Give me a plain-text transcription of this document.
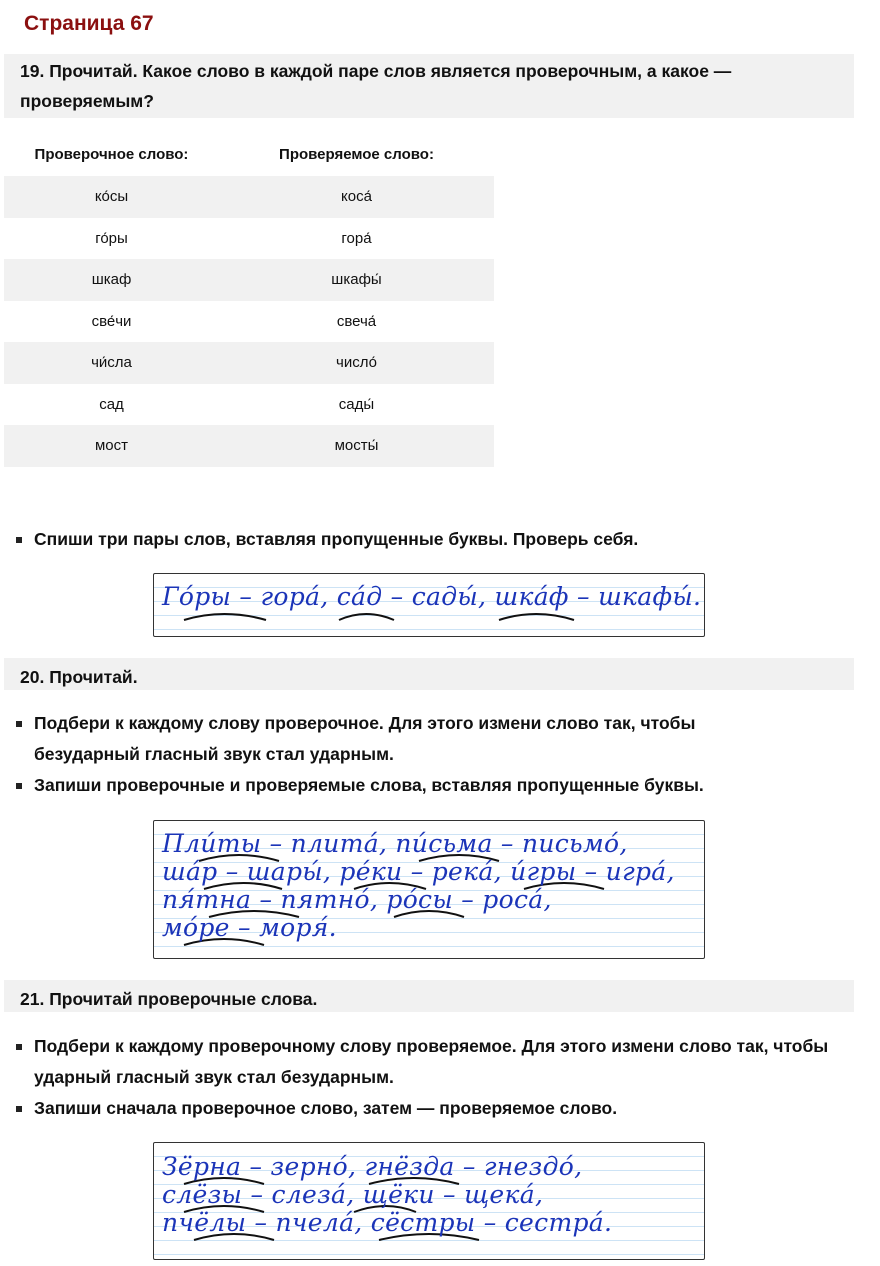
Страница 67
19. Прочитай. Какое слово в каждой паре слов является проверочным, а какое — проверяемым?
Проверочное слово:	Проверяемое слово:
ко́сы	коса́
го́ры	гора́
шкаф	шкафы́
све́чи	свеча́
чи́сла	число́
сад	сады́
мост	мосты́
Спиши три пары слов, вставляя пропущенные буквы. Проверь себя.
Го́ры – гора́, са́д – сады́, шка́ф – шкафы́.
20. Прочитай.
Подбери к каждому слову проверочное. Для этого измени слово так, чтобы безударный гласный звук стал ударным.
Запиши проверочные и проверяемые слова, вставляя пропущенные буквы.
Пли́ты – плита́, пи́сьма – письмо́,
ша́р – шары́, ре́ки – река́, и́гры – игра́,
пя́тна – пятно́, ро́сы – роса́,
мо́ре – моря́.
21. Прочитай проверочные слова.
Подбери к каждому проверочному слову проверяемое. Для этого измени слово так, чтобы ударный гласный звук стал безударным.
Запиши сначала проверочное слово, затем — проверяемое слово.
Зёрна – зерно́, гнёзда – гнездо́,
слёзы – слеза́, щёки – щека́,
пчёлы – пчела́, сёстры – сестра́.
